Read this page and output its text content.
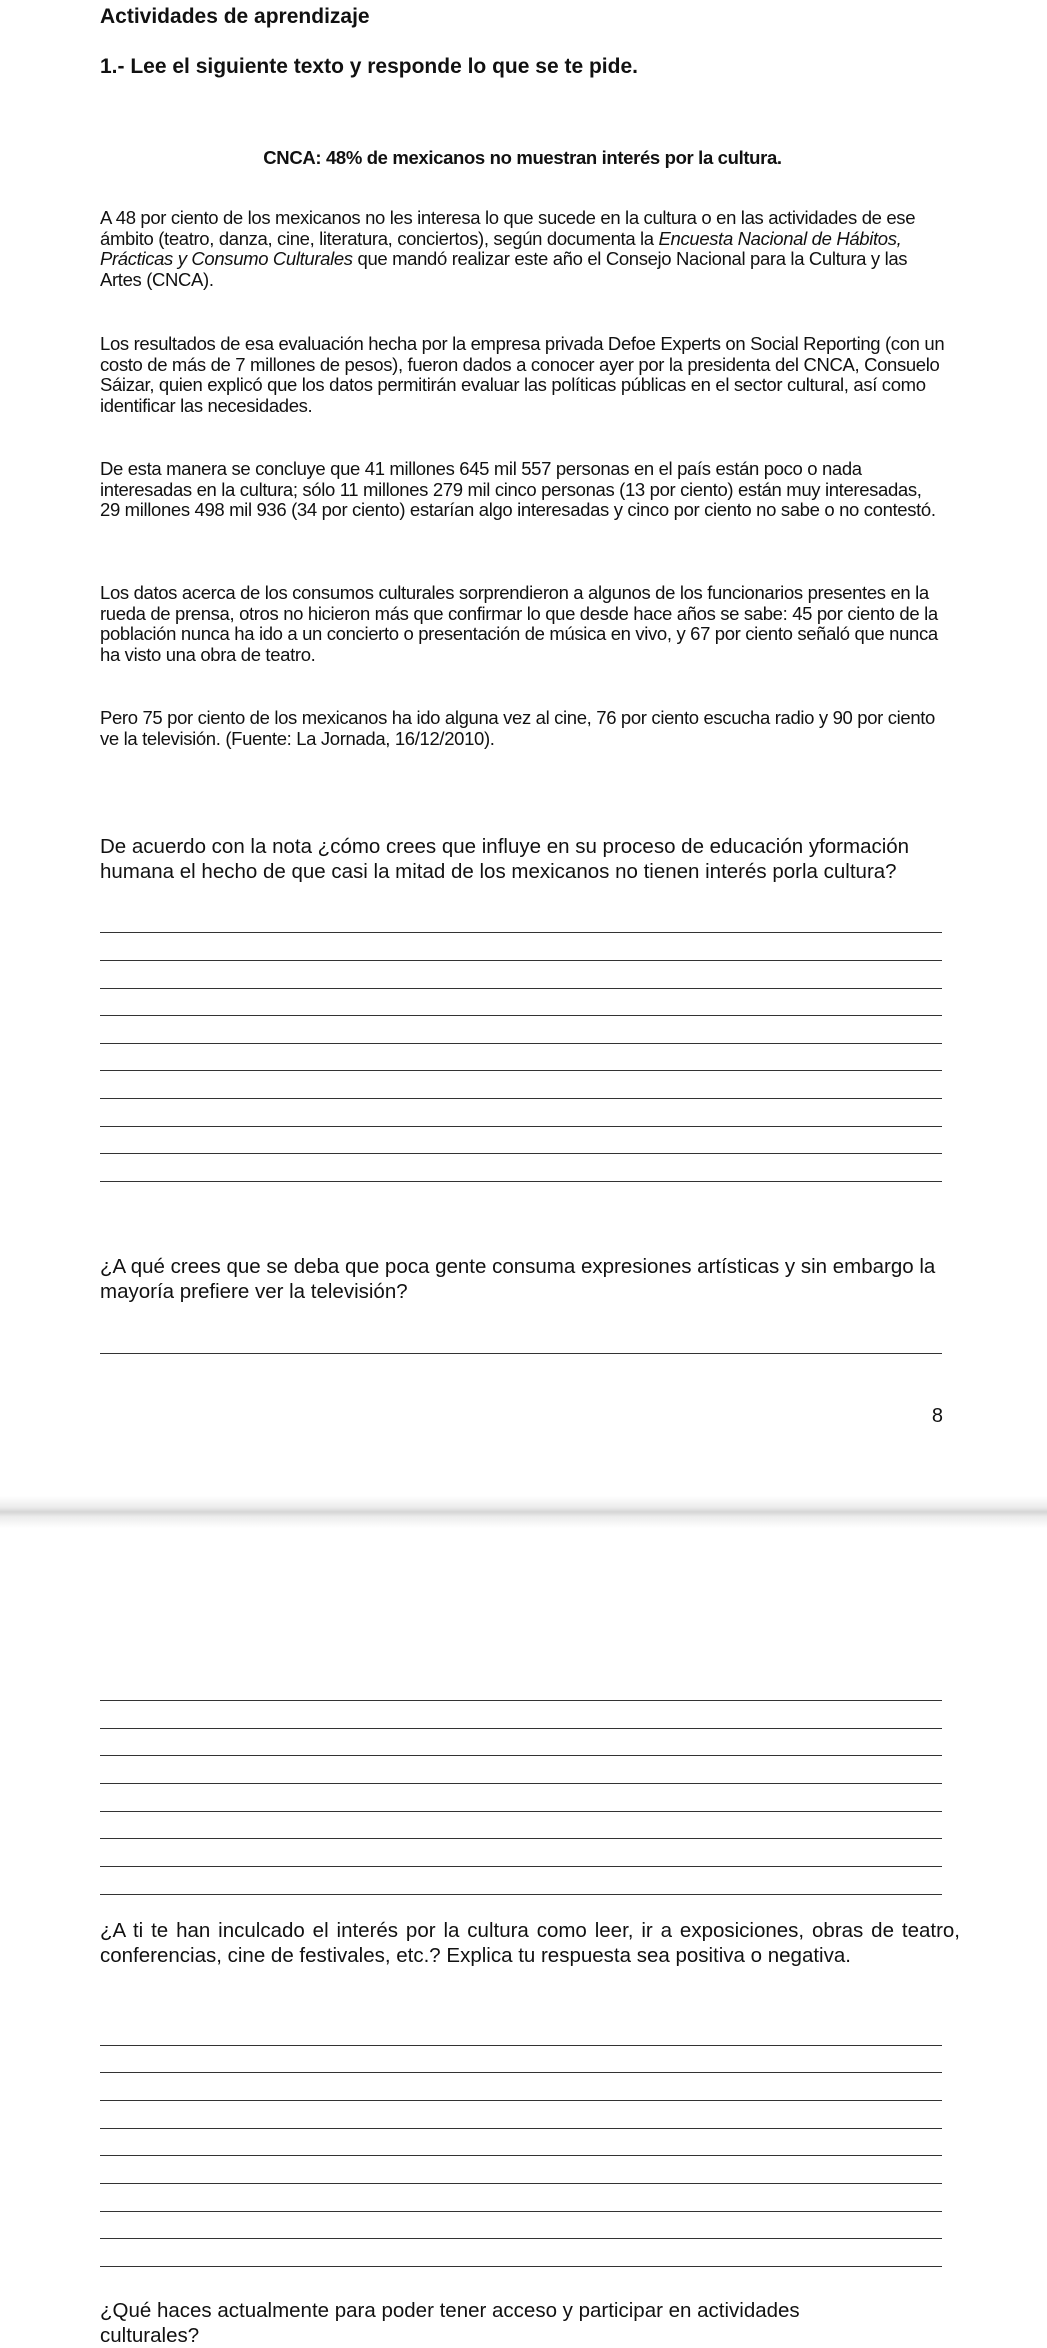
Actividades de aprendizaje
1.- Lee el siguiente texto y responde lo que se te pide.
CNCA: 48% de mexicanos no muestran interés por la cultura.
A 48 por ciento de los mexicanos no les interesa lo que sucede en la cultura o en las actividades de ese ámbito (teatro, danza, cine, literatura, conciertos), según documenta la Encuesta Nacional de Hábitos, Prácticas y Consumo Culturales que mandó realizar este año el Consejo Nacional para la Cultura y las Artes (CNCA).
Los resultados de esa evaluación hecha por la empresa privada Defoe Experts on Social Reporting (con un costo de más de 7 millones de pesos), fueron dados a conocer ayer por la presidenta del CNCA, Consuelo Sáizar, quien explicó que los datos permitirán evaluar las políticas públicas en el sector cultural, así como identificar las necesidades.
De esta manera se concluye que 41 millones 645 mil 557 personas en el país están poco o nada interesadas en la cultura; sólo 11 millones 279 mil cinco personas (13 por ciento) están muy interesadas, 29 millones 498 mil 936 (34 por ciento) estarían algo interesadas y cinco por ciento no sabe o no contestó.
Los datos acerca de los consumos culturales sorprendieron a algunos de los funcionarios presentes en la rueda de prensa, otros no hicieron más que confirmar lo que desde hace años se sabe: 45 por ciento de la población nunca ha ido a un concierto o presentación de música en vivo, y 67 por ciento señaló que nunca ha visto una obra de teatro.
Pero 75 por ciento de los mexicanos ha ido alguna vez al cine, 76 por ciento escucha radio y 90 por ciento ve la televisión. (Fuente: La Jornada, 16/12/2010).
De acuerdo con la nota ¿cómo crees que influye en su proceso de educación yformación humana el hecho de que casi la mitad de los mexicanos no tienen interés porla cultura?
¿A qué crees que se deba que poca gente consuma expresiones artísticas y sin embargo la mayoría prefiere ver la televisión?
8
¿A ti te han inculcado el interés por la cultura como leer, ir a exposiciones, obras de teatro, conferencias, cine de festivales, etc.? Explica tu respuesta sea positiva o negativa.
¿Qué haces actualmente para poder tener acceso y participar en actividades culturales?
